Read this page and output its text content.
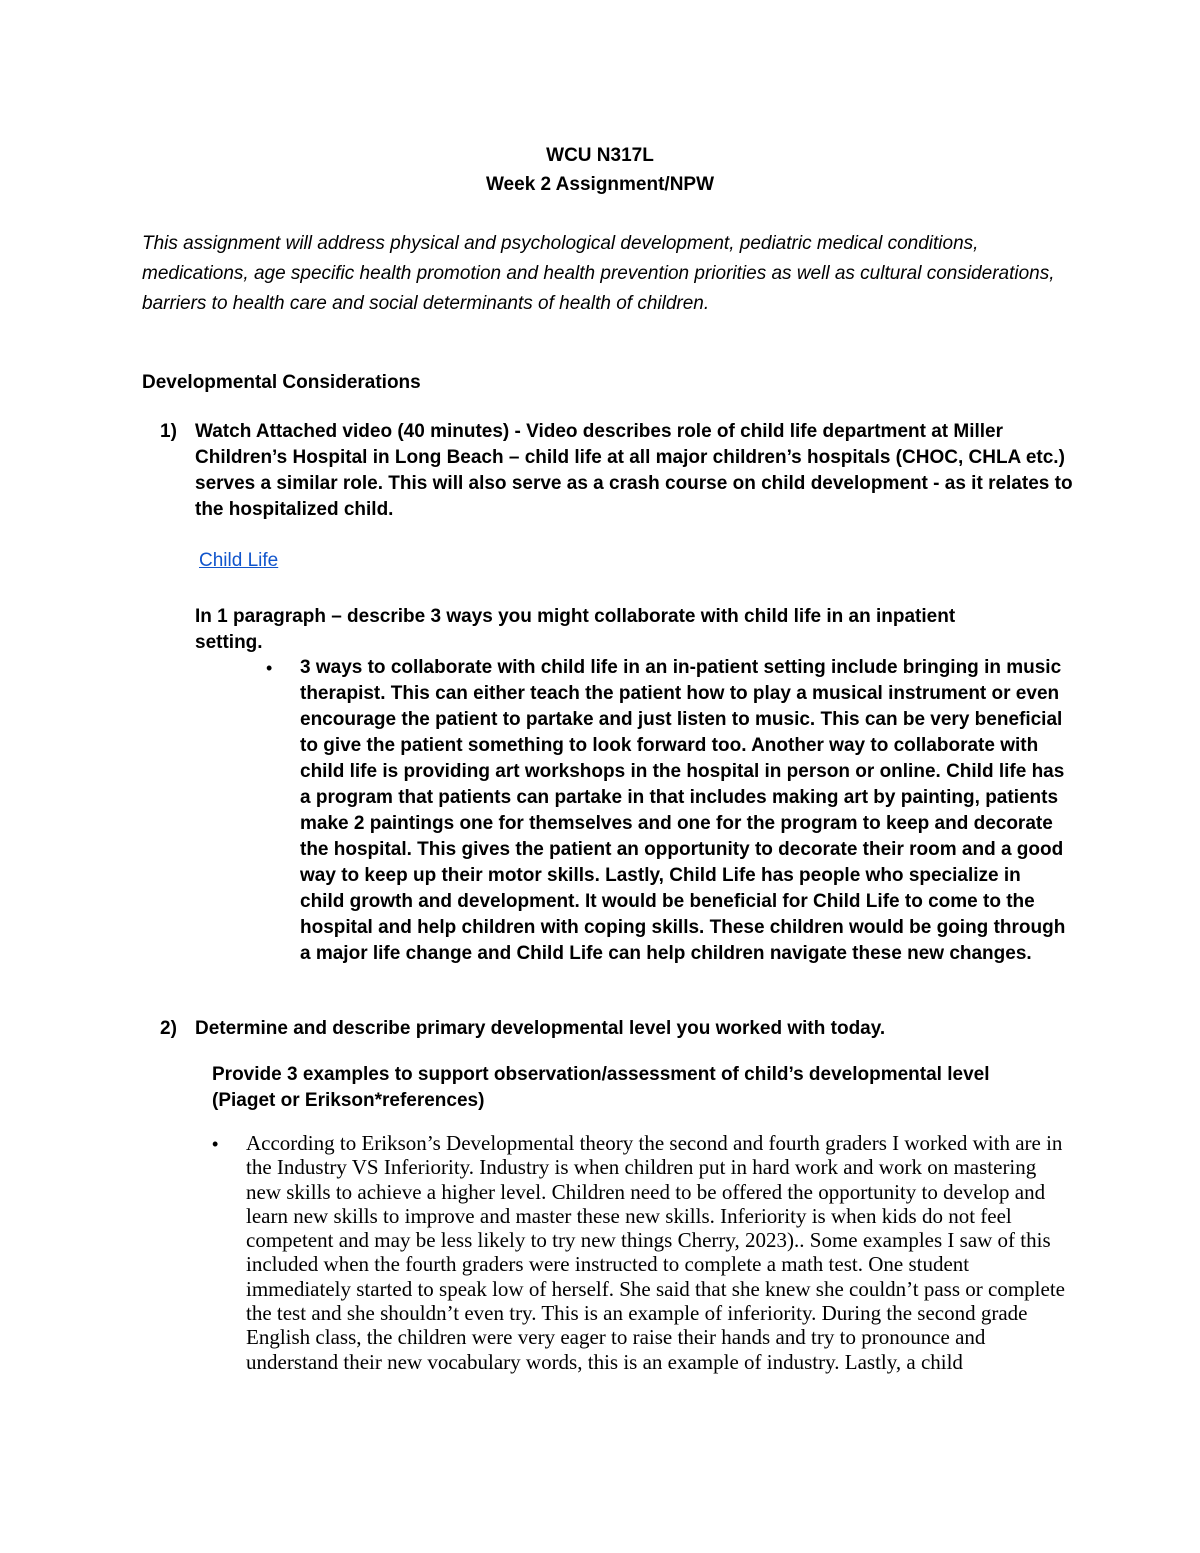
WCU N317L
Week 2 Assignment/NPW
This assignment will address physical and psychological development, pediatric medical conditions, medications, age specific health promotion and health prevention priorities as well as cultural considerations, barriers to health care and social determinants of health of children.
Developmental Considerations
1) Watch Attached video (40 minutes) - Video describes role of child life department at Miller Children’s Hospital in Long Beach – child life at all major children’s hospitals (CHOC, CHLA etc.) serves a similar role. This will also serve as a crash course on child development - as it relates to the hospitalized child.
Child Life
In 1 paragraph – describe 3 ways you might collaborate with child life in an inpatient setting.
• 3 ways to collaborate with child life in an in-patient setting include bringing in music therapist. This can either teach the patient how to play a musical instrument or even encourage the patient to partake and just listen to music. This can be very beneficial to give the patient something to look forward too. Another way to collaborate with child life is providing art workshops in the hospital in person or online. Child life has a program that patients can partake in that includes making art by painting, patients make 2 paintings one for themselves and one for the program to keep and decorate the hospital. This gives the patient an opportunity to decorate their room and a good way to keep up their motor skills. Lastly, Child Life has people who specialize in child growth and development. It would be beneficial for Child Life to come to the hospital and help children with coping skills. These children would be going through a major life change and Child Life can help children navigate these new changes.
2) Determine and describe primary developmental level you worked with today.
Provide 3 examples to support observation/assessment of child’s developmental level (Piaget or Erikson*references)
• According to Erikson’s Developmental theory the second and fourth graders I worked with are in the Industry VS Inferiority. Industry is when children put in hard work and work on mastering new skills to achieve a higher level. Children need to be offered the opportunity to develop and learn new skills to improve and master these new skills. Inferiority is when kids do not feel competent and may be less likely to try new things Cherry, 2023).. Some examples I saw of this included when the fourth graders were instructed to complete a math test. One student immediately started to speak low of herself. She said that she knew she couldn’t pass or complete the test and she shouldn’t even try. This is an example of inferiority. During the second grade English class, the children were very eager to raise their hands and try to pronounce and understand their new vocabulary words, this is an example of industry. Lastly, a child
